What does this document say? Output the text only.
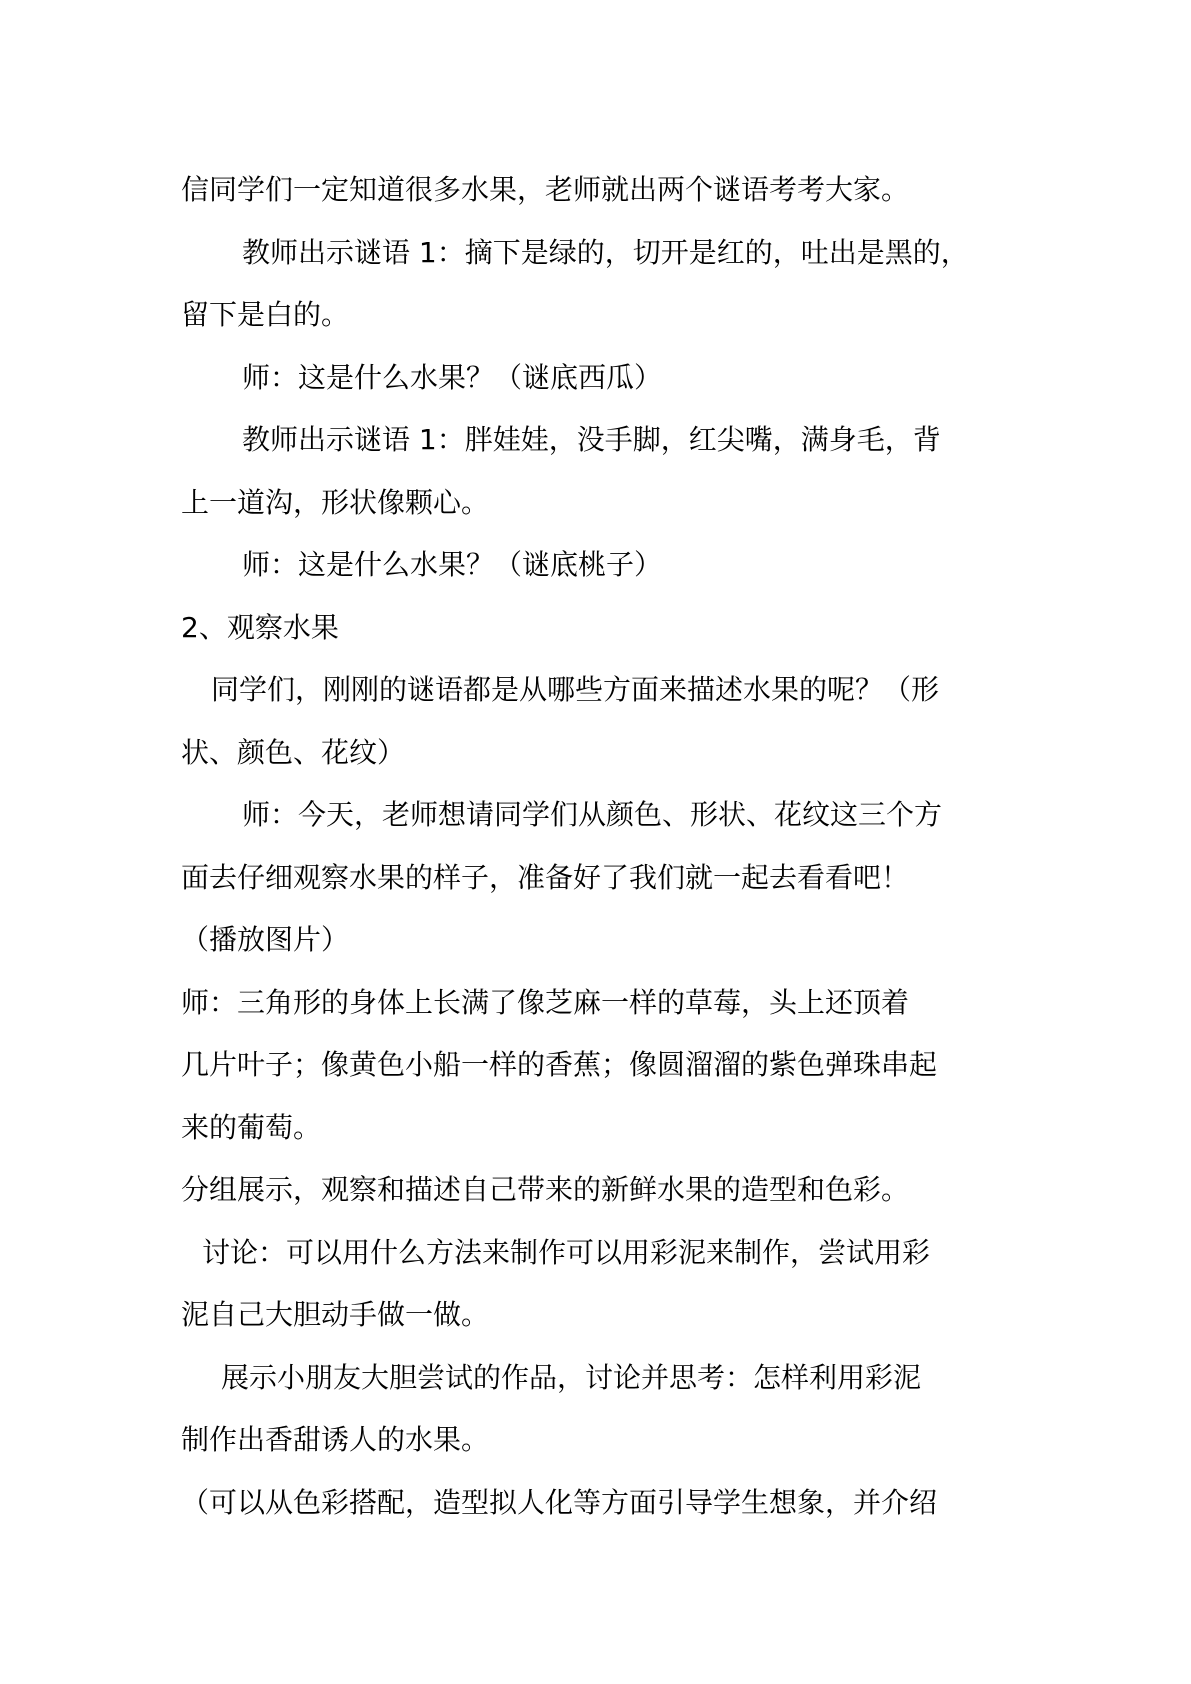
信同学们一定知道很多水果，老师就出两个谜语考考大家。
教师出示谜语 1：摘下是绿的，切开是红的，吐出是黑的，
留下是白的。
师：这是什么水果？（谜底西瓜）
教师出示谜语 1：胖娃娃，没手脚，红尖嘴，满身毛，背
上一道沟，形状像颗心。
师：这是什么水果？（谜底桃子）
2、观察水果
同学们，刚刚的谜语都是从哪些方面来描述水果的呢？（形
状、颜色、花纹）
师：今天，老师想请同学们从颜色、形状、花纹这三个方
面去仔细观察水果的样子，准备好了我们就一起去看看吧！
（播放图片）
师：三角形的身体上长满了像芝麻一样的草莓，头上还顶着
几片叶子；像黄色小船一样的香蕉；像圆溜溜的紫色弹珠串起
来的葡萄。
分组展示，观察和描述自己带来的新鲜水果的造型和色彩。
讨论：可以用什么方法来制作可以用彩泥来制作，尝试用彩
泥自己大胆动手做一做。
展示小朋友大胆尝试的作品，讨论并思考：怎样利用彩泥
制作出香甜诱人的水果。
（可以从色彩搭配，造型拟人化等方面引导学生想象，并介绍
